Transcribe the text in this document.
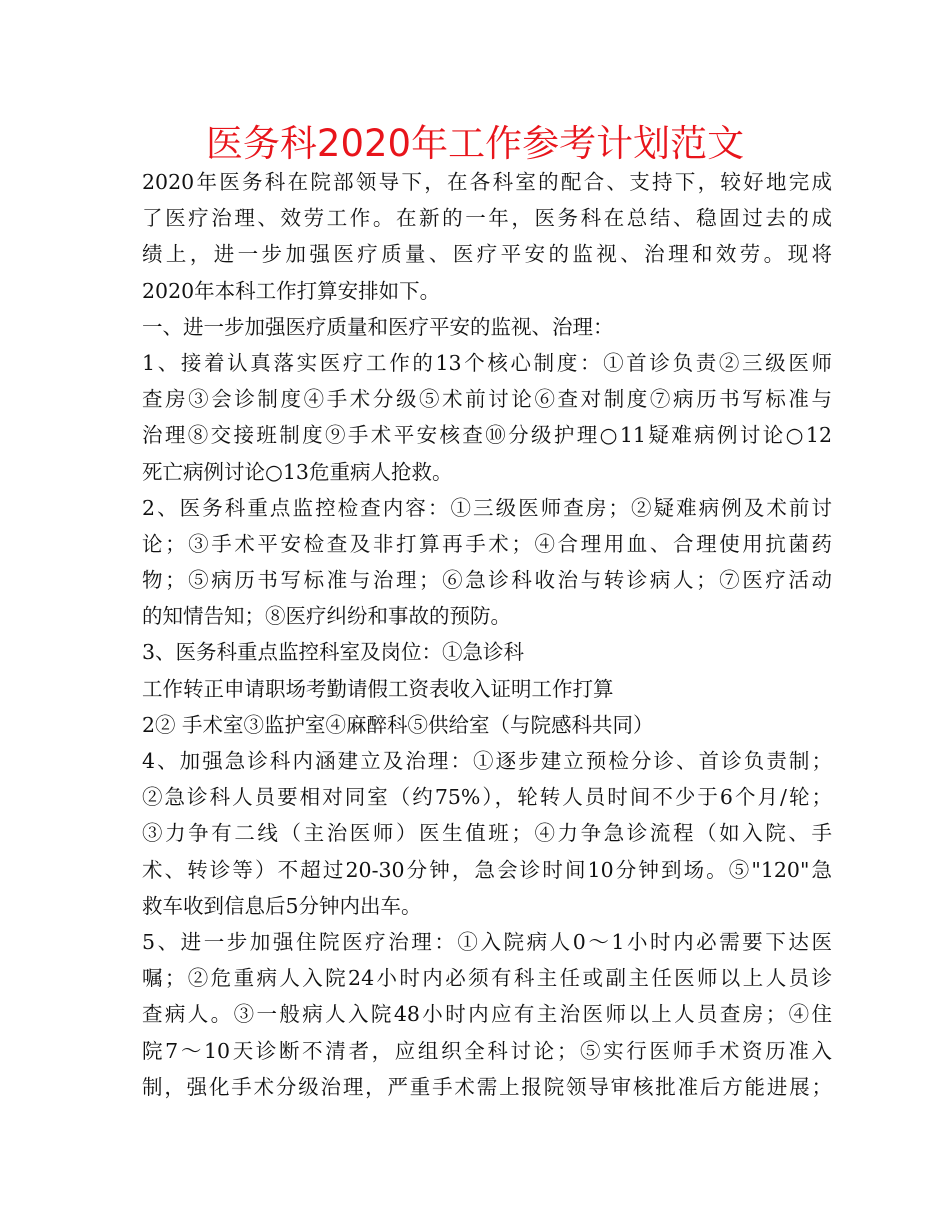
医务科2020年工作参考计划范文
2020年医务科在院部领导下，在各科室的配合、支持下，较好地完成
了医疗治理、效劳工作。在新的一年，医务科在总结、稳固过去的成
绩上，进一步加强医疗质量、医疗平安的监视、治理和效劳。现将
2020年本科工作打算安排如下。
一、进一步加强医疗质量和医疗平安的监视、治理：
1、接着认真落实医疗工作的13个核心制度：①首诊负责②三级医师
查房③会诊制度④手术分级⑤术前讨论⑥查对制度⑦病历书写标准与
治理⑧交接班制度⑨手术平安核查⑩分级护理○11疑难病例讨论○12
死亡病例讨论○13危重病人抢救。
2、医务科重点监控检查内容：①三级医师查房；②疑难病例及术前讨
论；③手术平安检查及非打算再手术；④合理用血、合理使用抗菌药
物；⑤病历书写标准与治理；⑥急诊科收治与转诊病人；⑦医疗活动
的知情告知；⑧医疗纠纷和事故的预防。
3、医务科重点监控科室及岗位：①急诊科
工作转正申请职场考勤请假工资表收入证明工作打算
2② 手术室③监护室④麻醉科⑤供给室（与院感科共同）
4、加强急诊科内涵建立及治理：①逐步建立预检分诊、首诊负责制；
②急诊科人员要相对同室（约75%），轮转人员时间不少于6个月/轮；
③力争有二线（主治医师）医生值班；④力争急诊流程（如入院、手
术、转诊等）不超过20-30分钟，急会诊时间10分钟到场。⑤"120"急
救车收到信息后5分钟内出车。
5、进一步加强住院医疗治理：①入院病人0～1小时内必需要下达医
嘱；②危重病人入院24小时内必须有科主任或副主任医师以上人员诊
查病人。③一般病人入院48小时内应有主治医师以上人员查房；④住
院7～10天诊断不清者，应组织全科讨论；⑤实行医师手术资历准入
制，强化手术分级治理，严重手术需上报院领导审核批准后方能进展；
